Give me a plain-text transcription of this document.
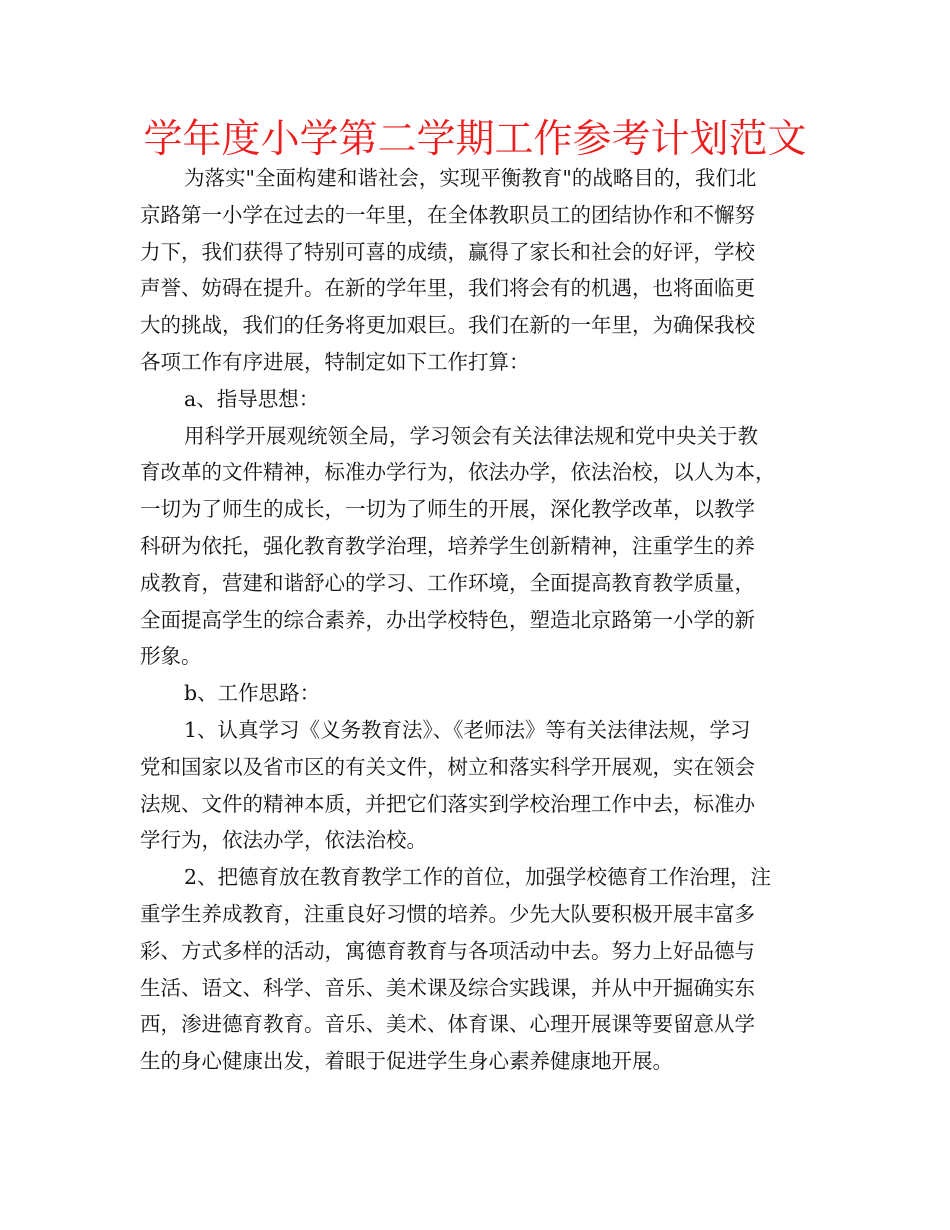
学年度小学第二学期工作参考计划范文
为落实"全面构建和谐社会，实现平衡教育"的战略目的，我们北
京路第一小学在过去的一年里，在全体教职员工的团结协作和不懈努
力下，我们获得了特别可喜的成绩，赢得了家长和社会的好评，学校
声誉、妨碍在提升。在新的学年里，我们将会有的机遇，也将面临更
大的挑战，我们的任务将更加艰巨。我们在新的一年里，为确保我校
各项工作有序进展，特制定如下工作打算：
a、指导思想：
用科学开展观统领全局，学习领会有关法律法规和党中央关于教
育改革的文件精神，标准办学行为，依法办学，依法治校，以人为本，
一切为了师生的成长，一切为了师生的开展，深化教学改革，以教学
科研为依托，强化教育教学治理，培养学生创新精神，注重学生的养
成教育，营建和谐舒心的学习、工作环境，全面提高教育教学质量，
全面提高学生的综合素养，办出学校特色，塑造北京路第一小学的新
形象。
b、工作思路：
1、认真学习《义务教育法》、《老师法》等有关法律法规，学习
党和国家以及省市区的有关文件，树立和落实科学开展观，实在领会
法规、文件的精神本质，并把它们落实到学校治理工作中去，标准办
学行为，依法办学，依法治校。
2、把德育放在教育教学工作的首位，加强学校德育工作治理，注
重学生养成教育，注重良好习惯的培养。少先大队要积极开展丰富多
彩、方式多样的活动，寓德育教育与各项活动中去。努力上好品德与
生活、语文、科学、音乐、美术课及综合实践课，并从中开掘确实东
西，渗进德育教育。音乐、美术、体育课、心理开展课等要留意从学
生的身心健康出发，着眼于促进学生身心素养健康地开展。
